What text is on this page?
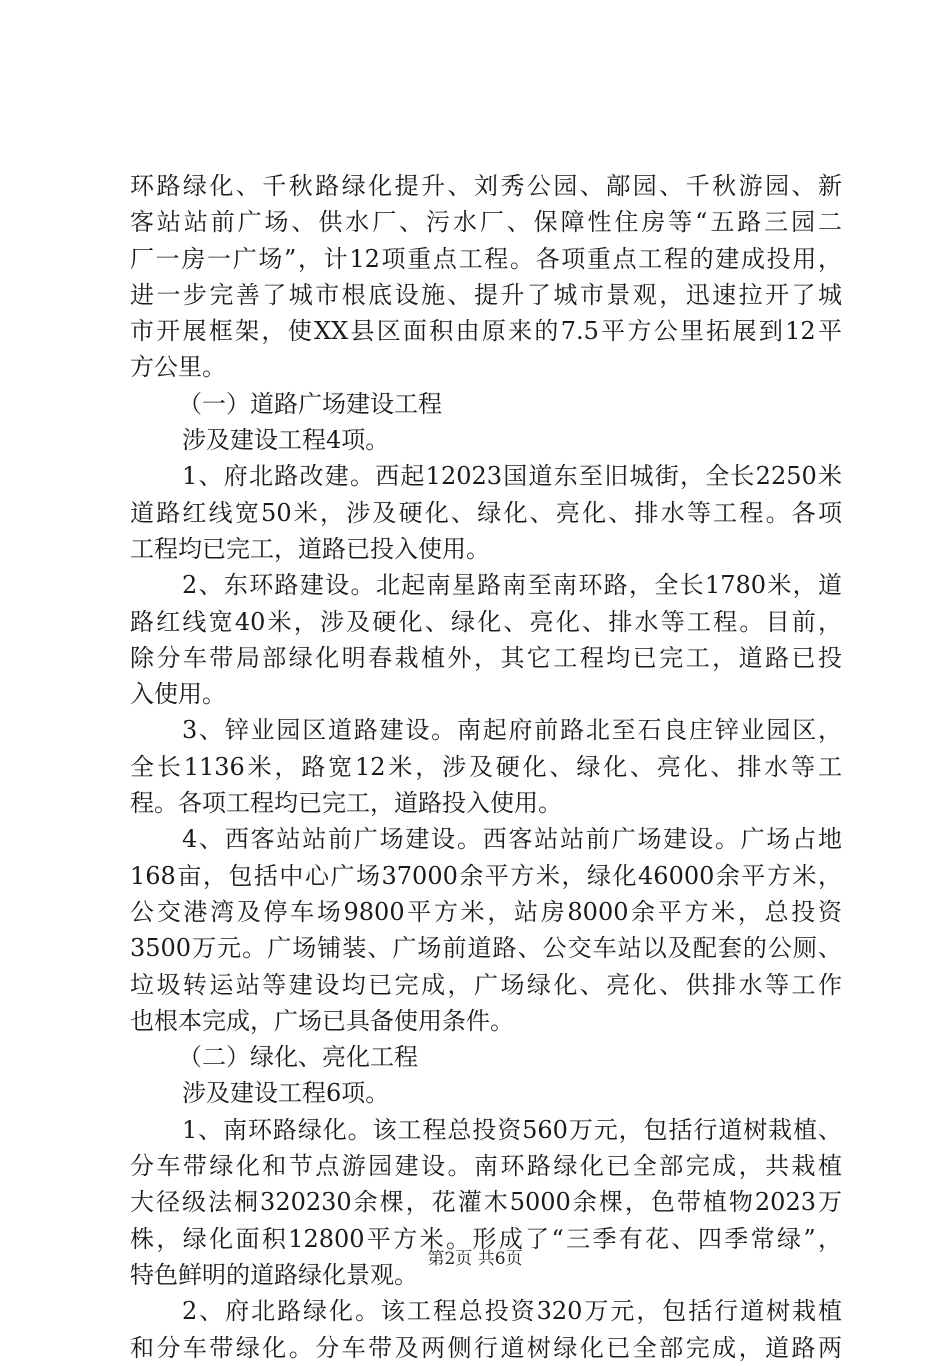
环路绿化、千秋路绿化提升、刘秀公园、鄗园、千秋游园、新
客站站前广场、供水厂、污水厂、保障性住房等“五路三园二
厂一房一广场”，计12项重点工程。各项重点工程的建成投用，
进一步完善了城市根底设施、提升了城市景观，迅速拉开了城
市开展框架，使XX县区面积由原来的7.5平方公里拓展到12平
方公里。
（一）道路广场建设工程
涉及建设工程4项。
1、府北路改建。西起12023国道东至旧城街，全长2250米
道路红线宽50米，涉及硬化、绿化、亮化、排水等工程。各项
工程均已完工，道路已投入使用。
2、东环路建设。北起南星路南至南环路，全长1780米，道
路红线宽40米，涉及硬化、绿化、亮化、排水等工程。目前，
除分车带局部绿化明春栽植外，其它工程均已完工，道路已投
入使用。
3、锌业园区道路建设。南起府前路北至石良庄锌业园区，
全长1136米，路宽12米，涉及硬化、绿化、亮化、排水等工
程。各项工程均已完工，道路投入使用。
4、西客站站前广场建设。西客站站前广场建设。广场占地
168亩，包括中心广场37000余平方米，绿化46000余平方米，
公交港湾及停车场9800平方米，站房8000余平方米，总投资
3500万元。广场铺装、广场前道路、公交车站以及配套的公厕、
垃圾转运站等建设均已完成，广场绿化、亮化、供排水等工作
也根本完成，广场已具备使用条件。
（二）绿化、亮化工程
涉及建设工程6项。
1、南环路绿化。该工程总投资560万元，包括行道树栽植、
分车带绿化和节点游园建设。南环路绿化已全部完成，共栽植
大径级法桐320230余棵，花灌木5000余棵，色带植物2023万
株，绿化面积12800平方米。形成了“三季有花、四季常绿”，
特色鲜明的道路绿化景观。
2、府北路绿化。该工程总投资320万元，包括行道树栽植
和分车带绿化。分车带及两侧行道树绿化已全部完成，道路两
第2页 共6页
